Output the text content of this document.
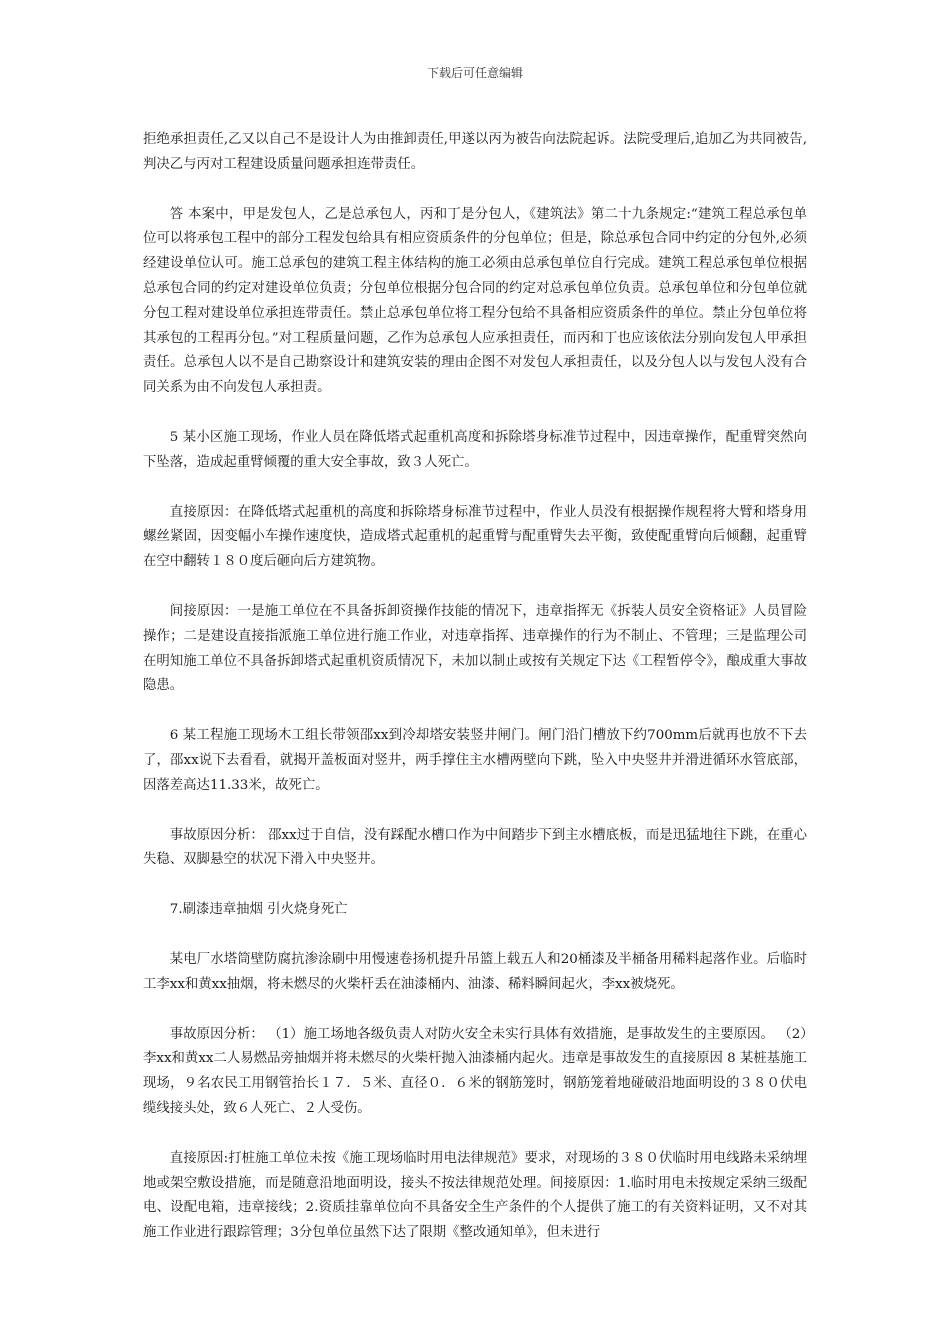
下载后可任意编辑

拒绝承担责任,乙又以自己不是设计人为由推卸责任,甲遂以丙为被告向法院起诉。法院受理后,追加乙为共同被告,判决乙与丙对工程建设质量问题承担连带责任。

答 本案中，甲是发包人，乙是总承包人，丙和丁是分包人，《建筑法》第二十九条规定:“建筑工程总承包单位可以将承包工程中的部分工程发包给具有相应资质条件的分包单位；但是，除总承包合同中约定的分包外,必须经建设单位认可。施工总承包的建筑工程主体结构的施工必须由总承包单位自行完成。建筑工程总承包单位根据总承包合同的约定对建设单位负责；分包单位根据分包合同的约定对总承包单位负责。总承包单位和分包单位就分包工程对建设单位承担连带责任。禁止总承包单位将工程分包给不具备相应资质条件的单位。禁止分包单位将其承包的工程再分包。”对工程质量问题，乙作为总承包人应承担责任，而丙和丁也应该依法分别向发包人甲承担责任。总承包人以不是自己勘察设计和建筑安装的理由企图不对发包人承担责任，以及分包人以与发包人没有合同关系为由不向发包人承担责。

5 某小区施工现场，作业人员在降低塔式起重机高度和拆除塔身标准节过程中，因违章操作，配重臂突然向下坠落，造成起重臂倾覆的重大安全事故，致３人死亡。

直接原因：在降低塔式起重机的高度和拆除塔身标准节过程中，作业人员没有根据操作规程将大臂和塔身用螺丝紧固，因变幅小车操作速度快，造成塔式起重机的起重臂与配重臂失去平衡，致使配重臂向后倾翻，起重臂在空中翻转１８０度后砸向后方建筑物。

间接原因：一是施工单位在不具备拆卸资操作技能的情况下，违章指挥无《拆装人员安全资格证》人员冒险操作；二是建设直接指派施工单位进行施工作业，对违章指挥、违章操作的行为不制止、不管理；三是监理公司在明知施工单位不具备拆卸塔式起重机资质情况下，未加以制止或按有关规定下达《工程暂停令》，酿成重大事故隐患。

6 某工程施工现场木工组长带领邵xx到冷却塔安装竖井闸门。闸门沿门槽放下约700mm后就再也放不下去了，邵xx说下去看看，就揭开盖板面对竖井，两手撑住主水槽两壁向下跳，坠入中央竖井并滑进循环水管底部，因落差高达11.33米，故死亡。

事故原因分析： 邵xx过于自信，没有踩配水槽口作为中间踏步下到主水槽底板，而是迅猛地往下跳，在重心失稳、双脚悬空的状况下滑入中央竖井。

7.刷漆违章抽烟 引火烧身死亡

某电厂水塔筒壁防腐抗渗涂刷中用慢速卷扬机提升吊篮上载五人和20桶漆及半桶备用稀料起落作业。后临时工李xx和黄xx抽烟，将未燃尽的火柴杆丢在油漆桶内、油漆、稀料瞬间起火，李xx被烧死。

事故原因分析： （1）施工场地各级负责人对防火安全未实行具体有效措施，是事故发生的主要原因。 （2）李xx和黄xx二人易燃品旁抽烟并将未燃尽的火柴杆抛入油漆桶内起火。违章是事故发生的直接原因 8 某桩基施工现场，９名农民工用钢管抬长１７．５米、直径０．６米的钢筋笼时，钢筋笼着地碰破沿地面明设的３８０伏电缆线接头处，致６人死亡、２人受伤。

直接原因:打桩施工单位未按《施工现场临时用电法律规范》要求，对现场的３８０伏临时用电线路未采纳埋地或架空敷设措施，而是随意沿地面明设，接头不按法律规范处理。间接原因：1.临时用电未按规定采纳三级配电、设配电箱，违章接线；2.资质挂靠单位向不具备安全生产条件的个人提供了施工的有关资料证明，又不对其施工作业进行跟踪管理；3分包单位虽然下达了限期《整改通知单》，但未进行
